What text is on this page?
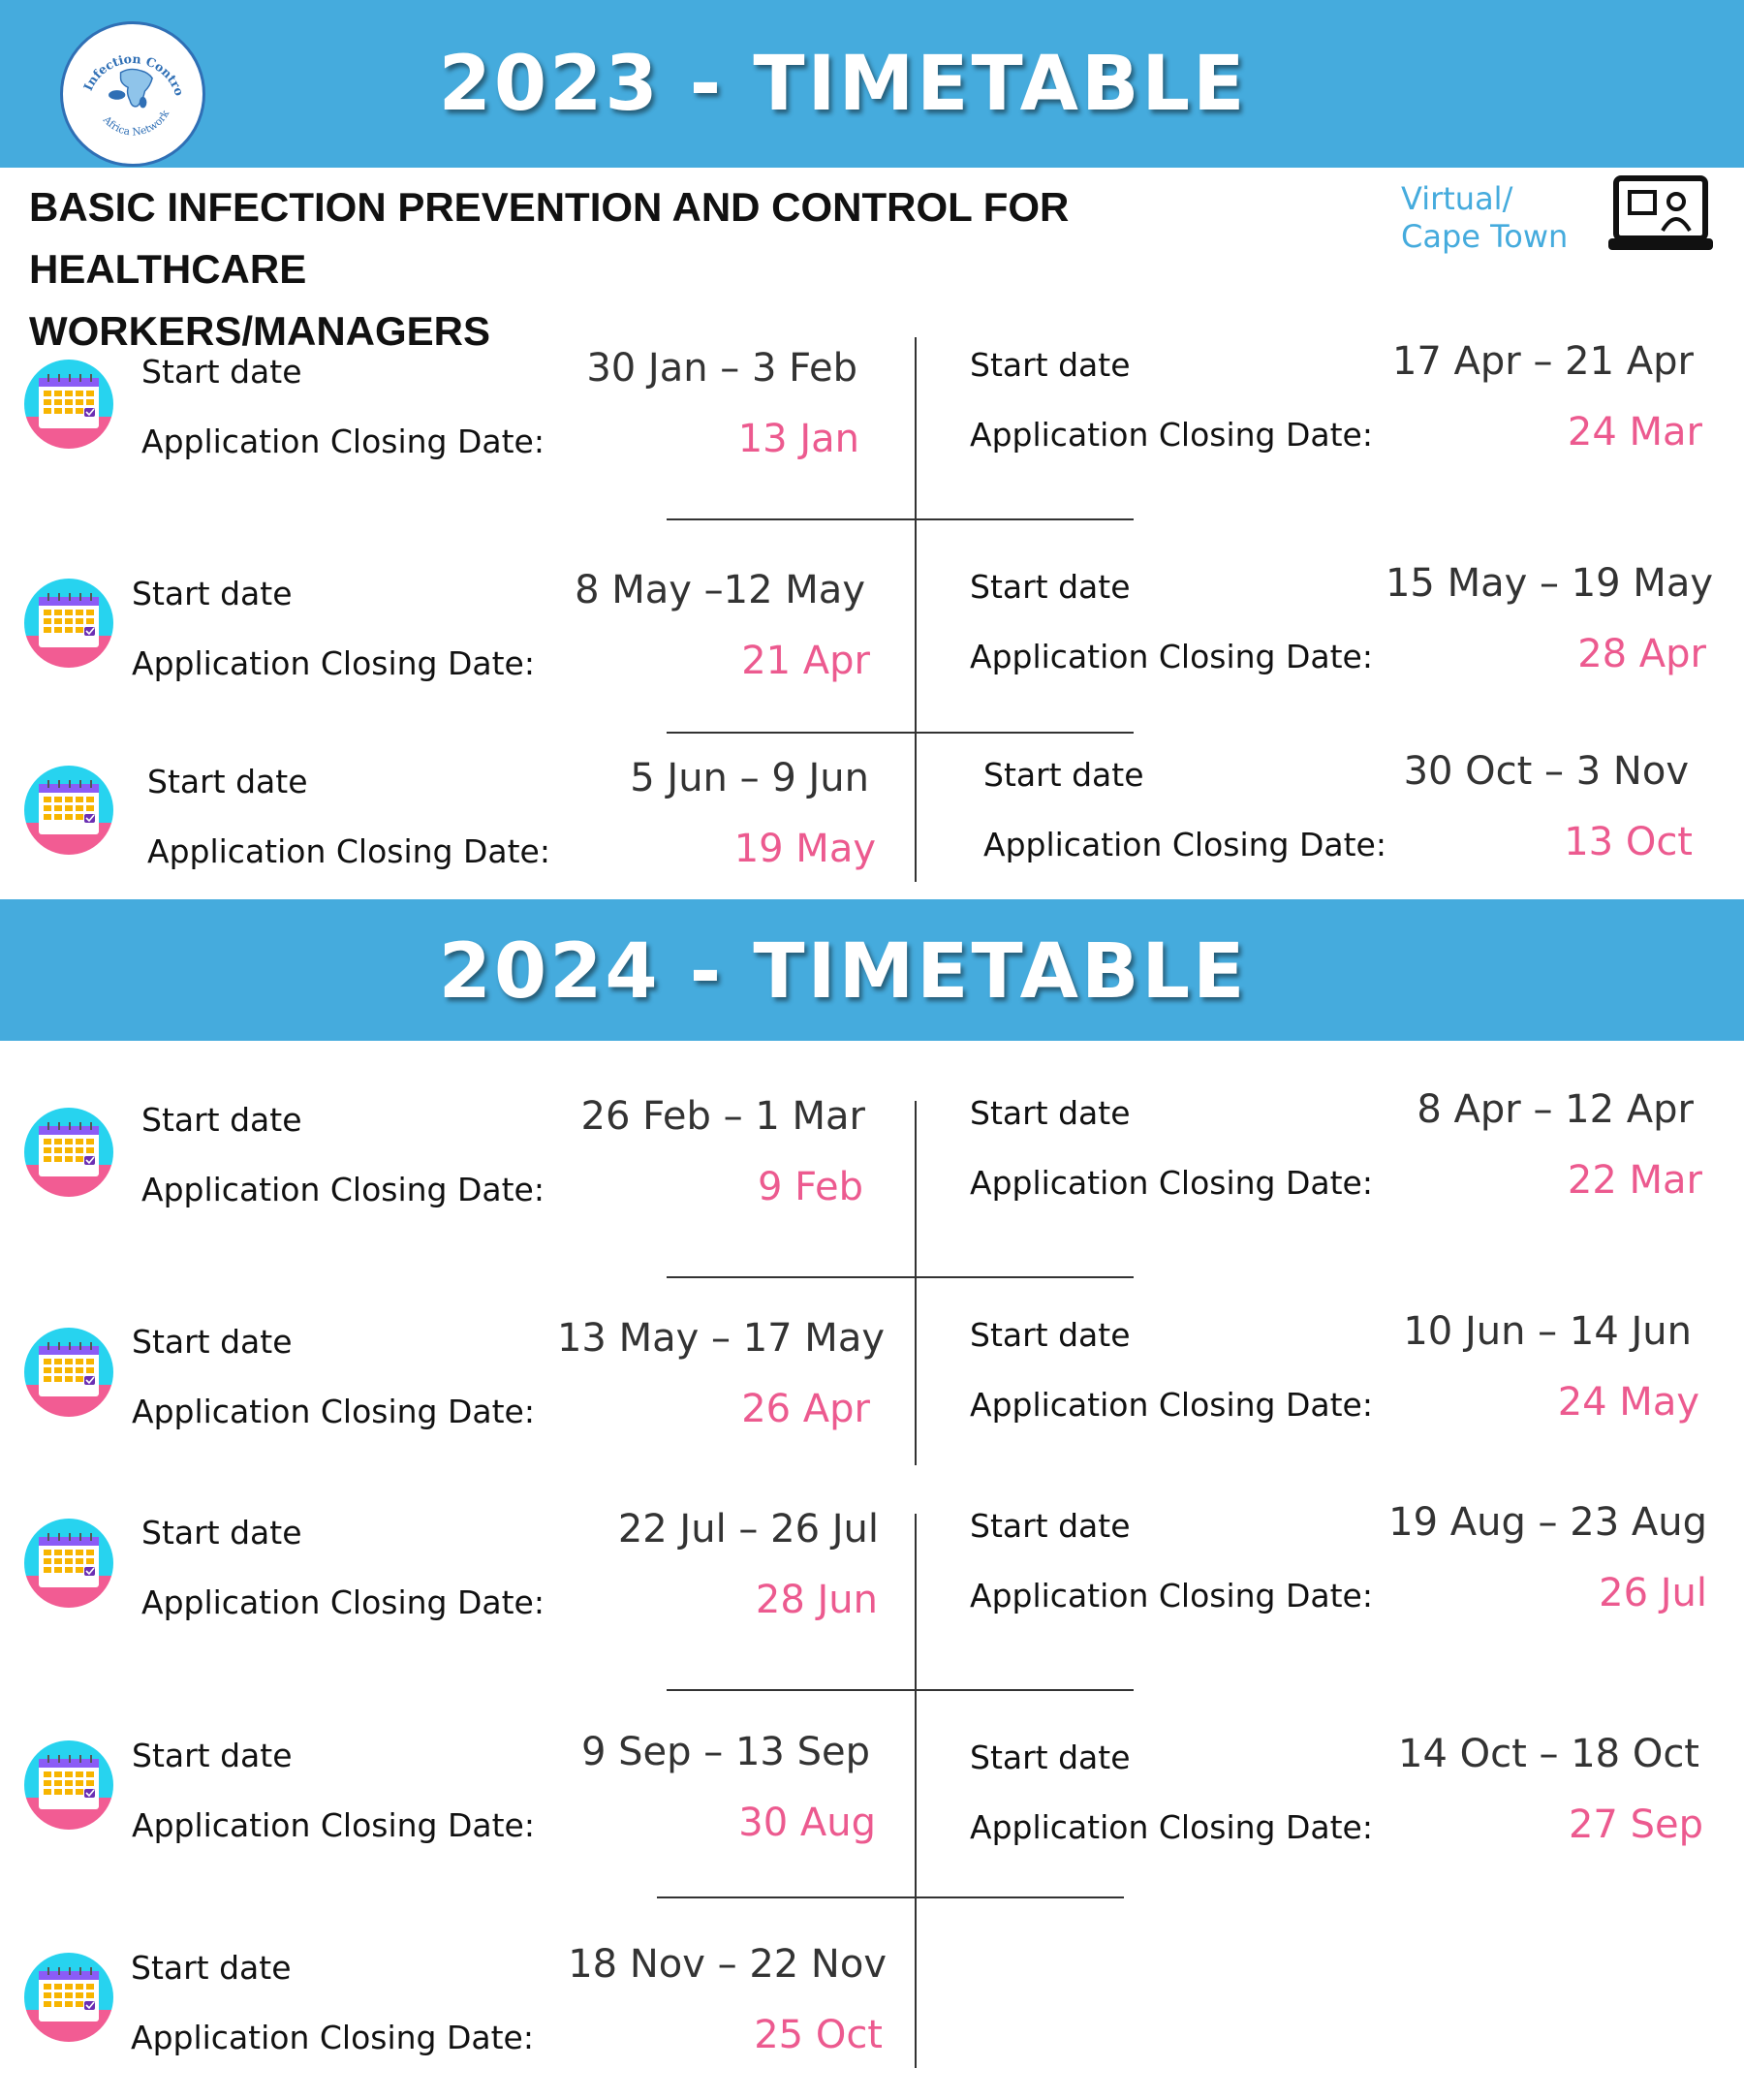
2023 - TIMETABLE
Infection Contro
Africa Network
BASIC INFECTION PREVENTION AND CONTROL FOR HEALTHCARE
WORKERS/MANAGERS
Virtual/
Cape Town
Start date	30 Jan – 3 Feb
Application Closing Date:	13 Jan
Start date	8 May –12 May
Application Closing Date:	21 Apr
Start date	5 Jun – 9 Jun
Application Closing Date:	19 May
Start date	17 Apr – 21 Apr
Application Closing Date:	24 Mar
Start date	15 May – 19 May
Application Closing Date:	28 Apr
Start date	30 Oct – 3 Nov
Application Closing Date:	13 Oct
2024 - TIMETABLE
Start date	26 Feb – 1 Mar
Application Closing Date:	9 Feb
Start date	13 May – 17 May
Application Closing Date:	26 Apr
Start date	22 Jul – 26 Jul
Application Closing Date:	28 Jun
Start date	9 Sep – 13 Sep
Application Closing Date:	30 Aug
Start date	18 Nov – 22 Nov
Application Closing Date:	25 Oct
Start date	8 Apr – 12 Apr
Application Closing Date:	22 Mar
Start date	10 Jun – 14 Jun
Application Closing Date:	24 May
Start date	19 Aug – 23 Aug
Application Closing Date:	26 Jul
Start date	14 Oct – 18 Oct
Application Closing Date:	27 Sep
